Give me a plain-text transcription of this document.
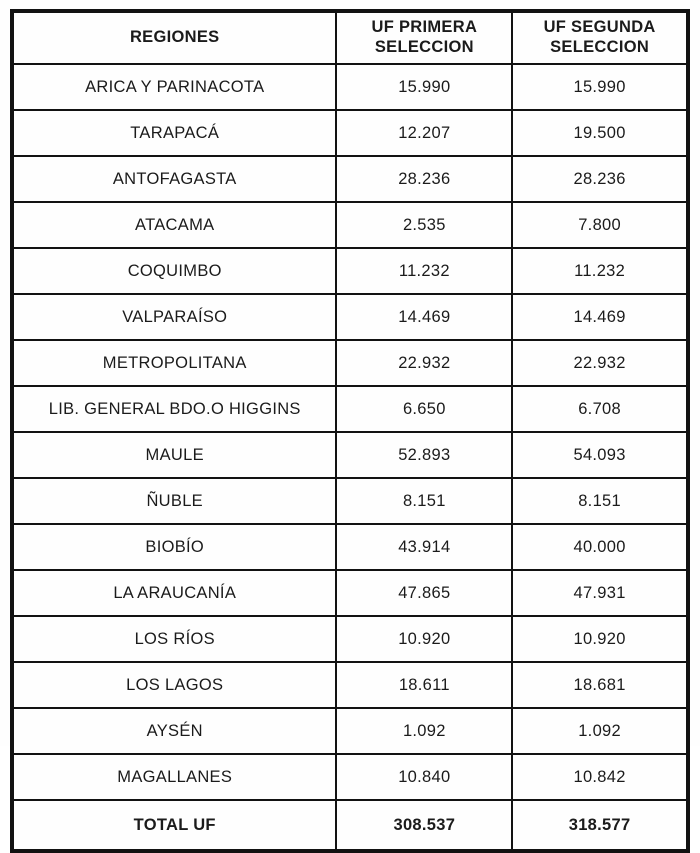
REGIONES	UF PRIMERA SELECCION	UF SEGUNDA SELECCION
ARICA Y PARINACOTA	15.990	15.990
TARAPACÁ	12.207	19.500
ANTOFAGASTA	28.236	28.236
ATACAMA	2.535	7.800
COQUIMBO	11.232	11.232
VALPARAÍSO	14.469	14.469
METROPOLITANA	22.932	22.932
LIB. GENERAL BDO.O HIGGINS	6.650	6.708
MAULE	52.893	54.093
ÑUBLE	8.151	8.151
BIOBÍO	43.914	40.000
LA ARAUCANÍA	47.865	47.931
LOS RÍOS	10.920	10.920
LOS LAGOS	18.611	18.681
AYSÉN	1.092	1.092
MAGALLANES	10.840	10.842
TOTAL UF	308.537	318.577
